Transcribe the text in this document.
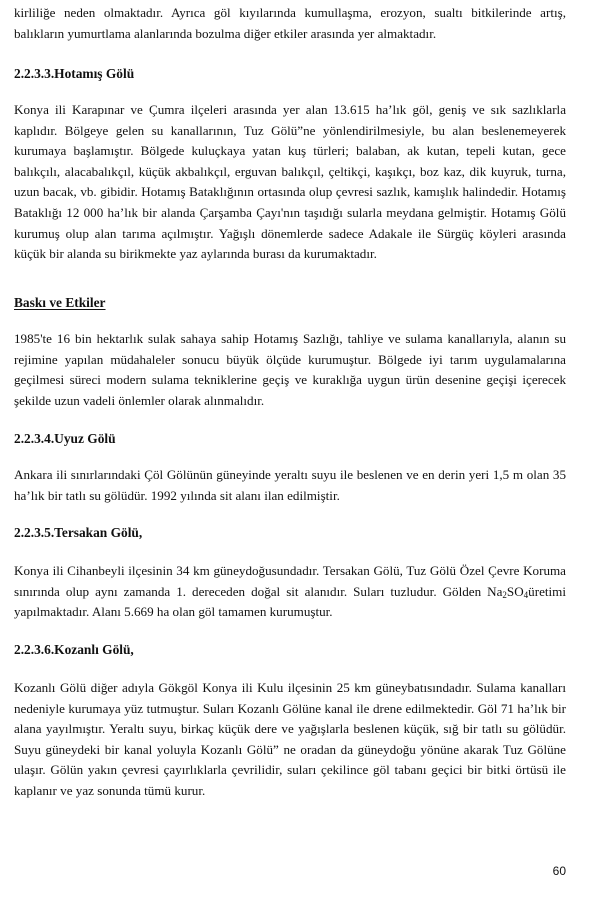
kirliliğe neden olmaktadır. Ayrıca göl kıyılarında kumullaşma, erozyon, sualtı bitkilerinde artış, balıkların yumurtlama alanlarında bozulma diğer etkiler arasında yer almaktadır.

2.2.3.3.Hotamış Gölü

Konya ili Karapınar ve Çumra ilçeleri arasında yer alan 13.615 ha’lık göl, geniş ve sık sazlıklarla kaplıdır. Bölgeye gelen su kanallarının, Tuz Gölü”ne yönlendirilmesiyle, bu alan beslenemeyerek kurumaya başlamıştır. Bölgede kuluçkaya yatan kuş türleri; balaban, ak kutan, tepeli kutan, gece balıkçılı, alacabalıkçıl, küçük akbalıkçıl, erguvan balıkçıl, çeltikçi, kaşıkçı, boz kaz, dik kuyruk, turna, uzun bacak, vb. gibidir. Hotamış Bataklığının ortasında olup çevresi sazlık, kamışlık halindedir. Hotamış Bataklığı 12 000 ha’lık bir alanda Çarşamba Çayı'nın taşıdığı sularla meydana gelmiştir. Hotamış Gölü kurumuş olup alan tarıma açılmıştır. Yağışlı dönemlerde sadece Adakale ile Sürgüç köyleri arasında küçük bir alanda su birikmekte yaz aylarında burası da kurumaktadır.

Baskı ve Etkiler

1985'te 16 bin hektarlık sulak sahaya sahip Hotamış Sazlığı, tahliye ve sulama kanallarıyla, alanın su rejimine yapılan müdahaleler sonucu büyük ölçüde kurumuştur. Bölgede iyi tarım uygulamalarına geçilmesi süreci modern sulama tekniklerine geçiş ve kuraklığa uygun ürün desenine geçişi içerecek şekilde uzun vadeli önlemler olarak alınmalıdır.

2.2.3.4.Uyuz Gölü

Ankara ili sınırlarındaki Çöl Gölünün güneyinde yeraltı suyu ile beslenen ve en derin yeri 1,5 m olan 35 ha’lık bir tatlı su gölüdür. 1992 yılında sit alanı ilan edilmiştir.

2.2.3.5.Tersakan Gölü,

Konya ili Cihanbeyli ilçesinin 34 km güneydoğusundadır. Tersakan Gölü, Tuz Gölü Özel Çevre Koruma sınırında olup aynı zamanda 1. dereceden doğal sit alanıdır. Suları tuzludur. Gölden $Na_2SO_4üretimi$ yapılmaktadır. Alanı 5.669 ha olan göl tamamen kurumuştur.

2.2.3.6.Kozanlı Gölü,

Kozanlı Gölü diğer adıyla Gökgöl Konya ili Kulu ilçesinin 25 km güneybatısındadır. Sulama kanalları nedeniyle kurumaya yüz tutmuştur. Suları Kozanlı Gölüne kanal ile drene edilmektedir. Göl 71 ha’lık bir alana yayılmıştır. Yeraltı suyu, birkaç küçük dere ve yağışlarla beslenen küçük, sığ bir tatlı su gölüdür. Suyu güneydeki bir kanal yoluyla Kozanlı Gölü” ne oradan da güneydoğu yönüne akarak Tuz Gölüne ulaşır. Gölün yakın çevresi çayırlıklarla çevrilidir, suları çekilince göl tabanı geçici bir bitki örtüsü ile kaplanır ve yaz sonunda tümü kurur.

60
